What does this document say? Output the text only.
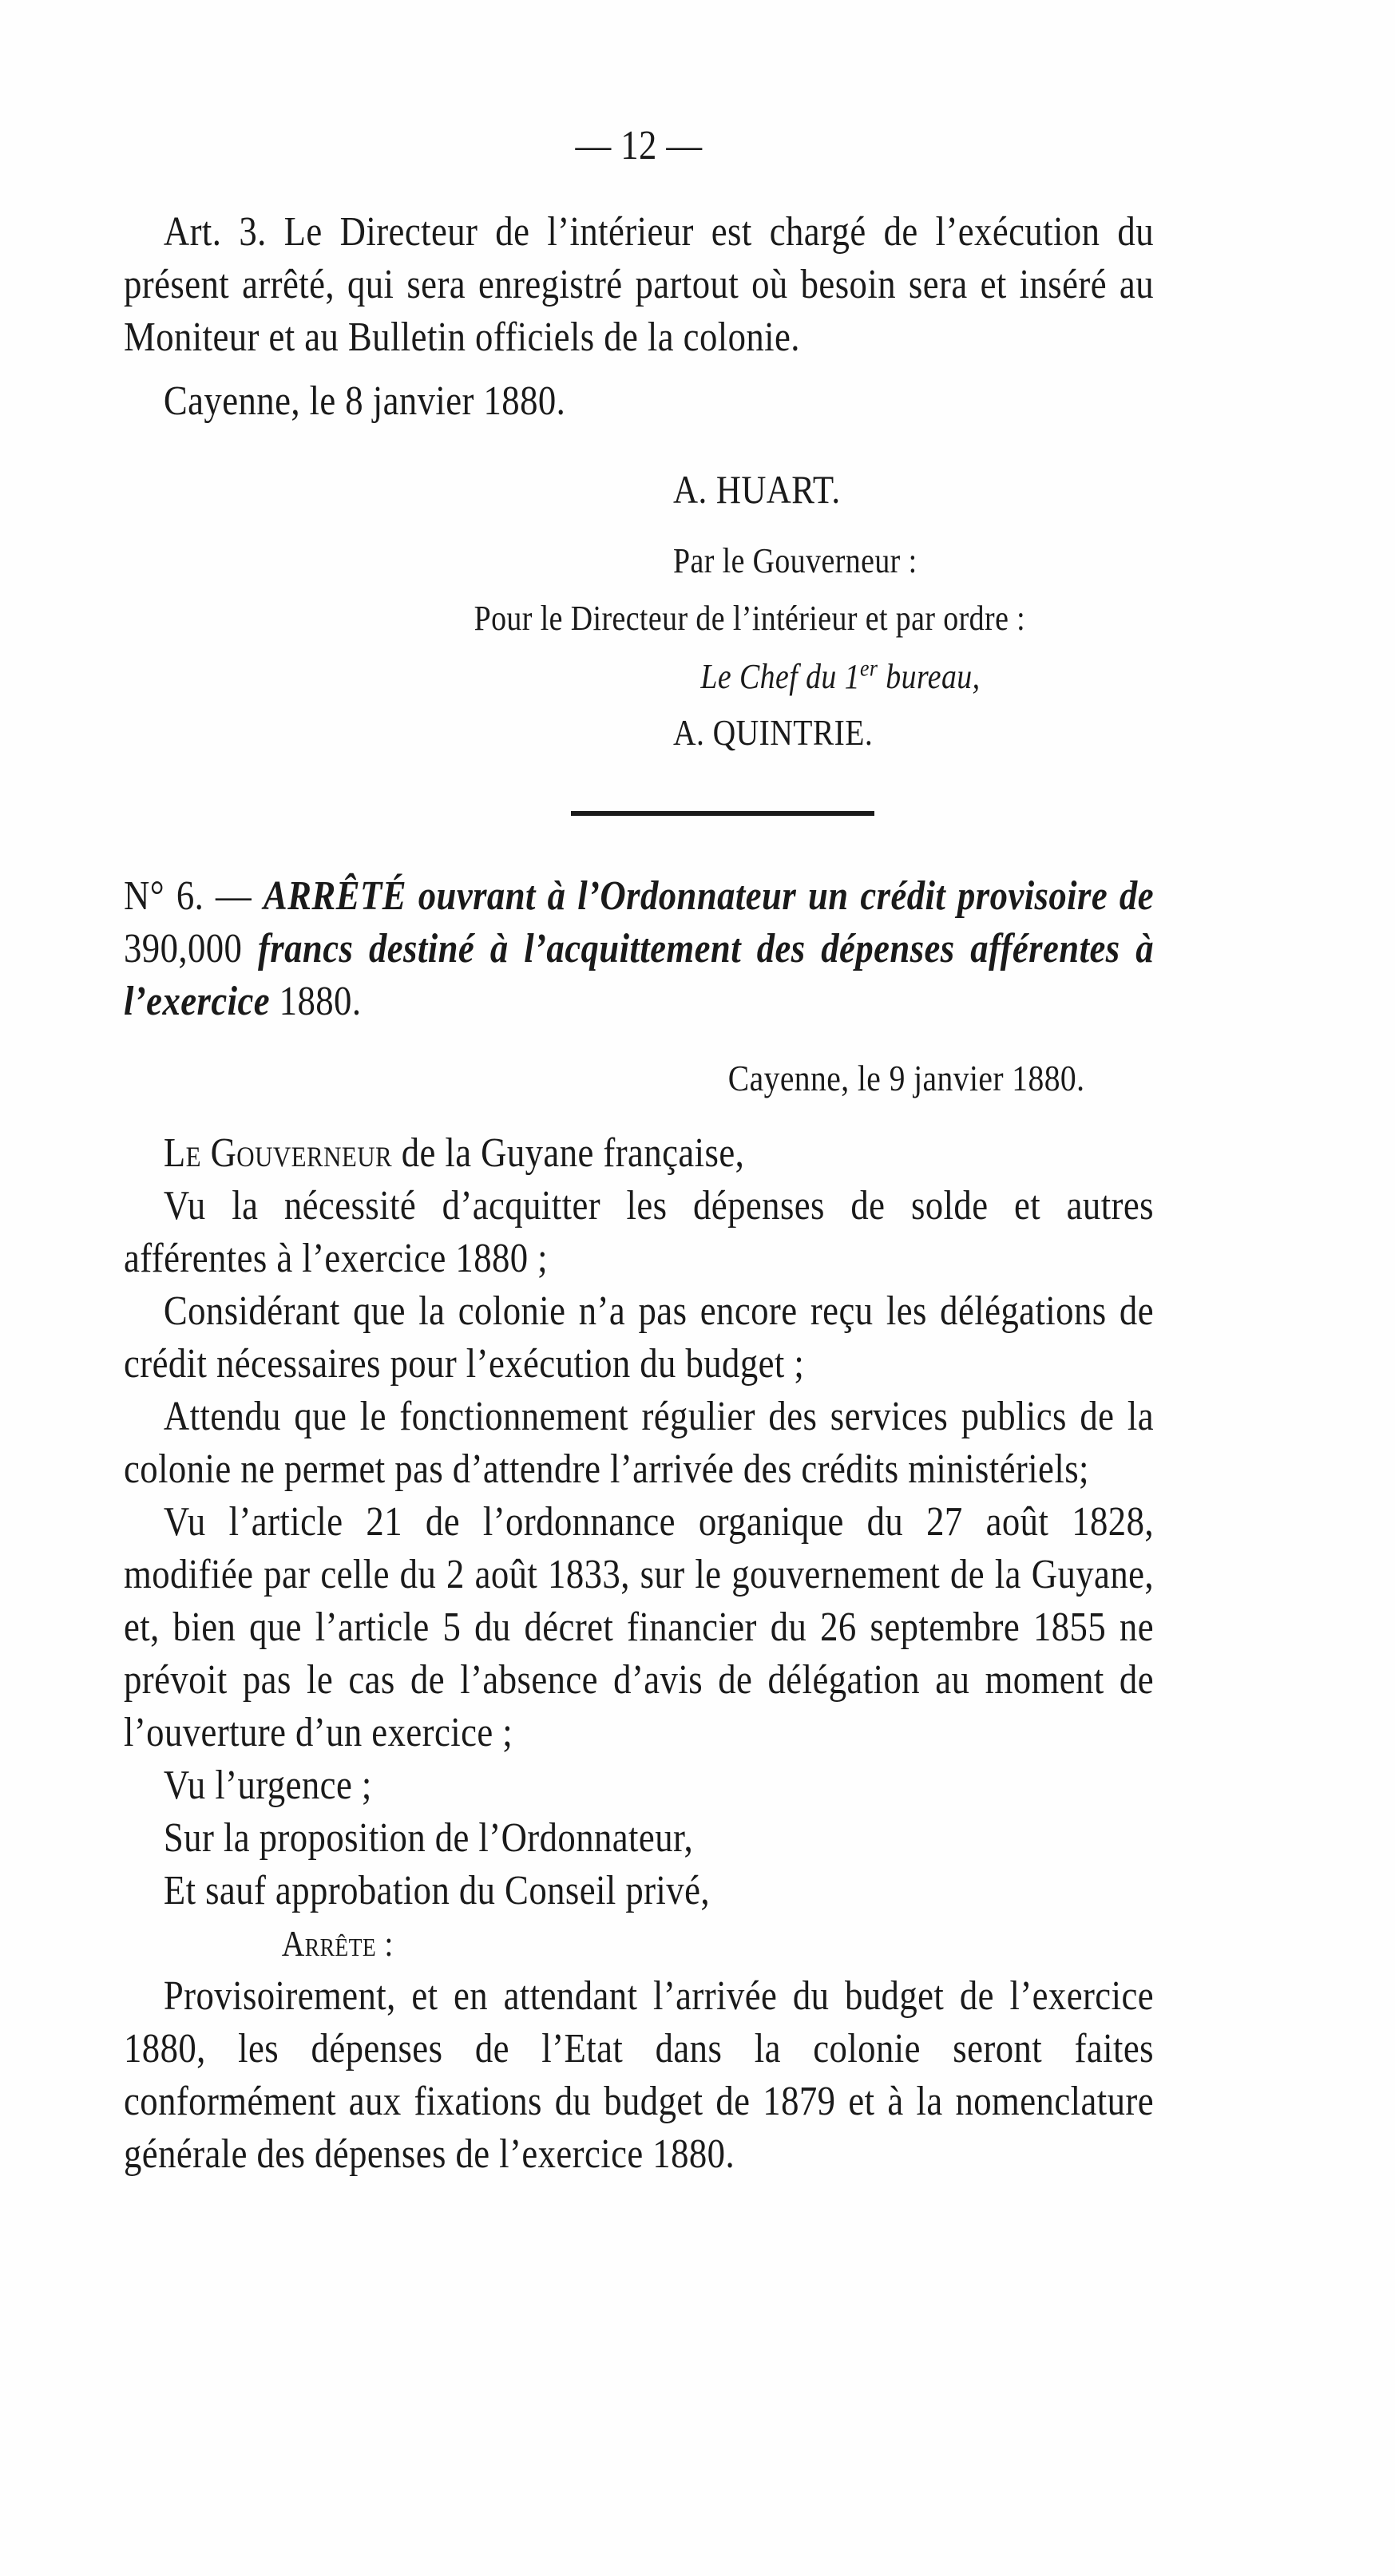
— 12 —

Art. 3. Le Directeur de l’intérieur est chargé de l’exécution du présent arrêté, qui sera enregistré partout où besoin sera et inséré au Moniteur et au Bulletin officiels de la colonie.

Cayenne, le 8 janvier 1880.

A. HUART.

Par le Gouverneur :

Pour le Directeur de l’intérieur et par ordre :

Le Chef du 1er bureau,

A. QUINTRIE.

N° 6. — ARRÊTÉ ouvrant à l’Ordonnateur un crédit provisoire de 390,000 francs destiné à l’acquittement des dépenses afférentes à l’exercice 1880.

Cayenne, le 9 janvier 1880.

Le Gouverneur de la Guyane française,

Vu la nécessité d’acquitter les dépenses de solde et autres afférentes à l’exercice 1880 ;

Considérant que la colonie n’a pas encore reçu les délégations de crédit nécessaires pour l’exécution du budget ;

Attendu que le fonctionnement régulier des services publics de la colonie ne permet pas d’attendre l’arrivée des crédits ministériels;

Vu l’article 21 de l’ordonnance organique du 27 août 1828, modifiée par celle du 2 août 1833, sur le gouvernement de la Guyane, et, bien que l’article 5 du décret financier du 26 septembre 1855 ne prévoit pas le cas de l’absence d’avis de délégation au moment de l’ouverture d’un exercice ;

Vu l’urgence ;

Sur la proposition de l’Ordonnateur,

Et sauf approbation du Conseil privé,

Arrête :

Provisoirement, et en attendant l’arrivée du budget de l’exercice 1880, les dépenses de l’Etat dans la colonie seront faites conformément aux fixations du budget de 1879 et à la nomenclature générale des dépenses de l’exercice 1880.
